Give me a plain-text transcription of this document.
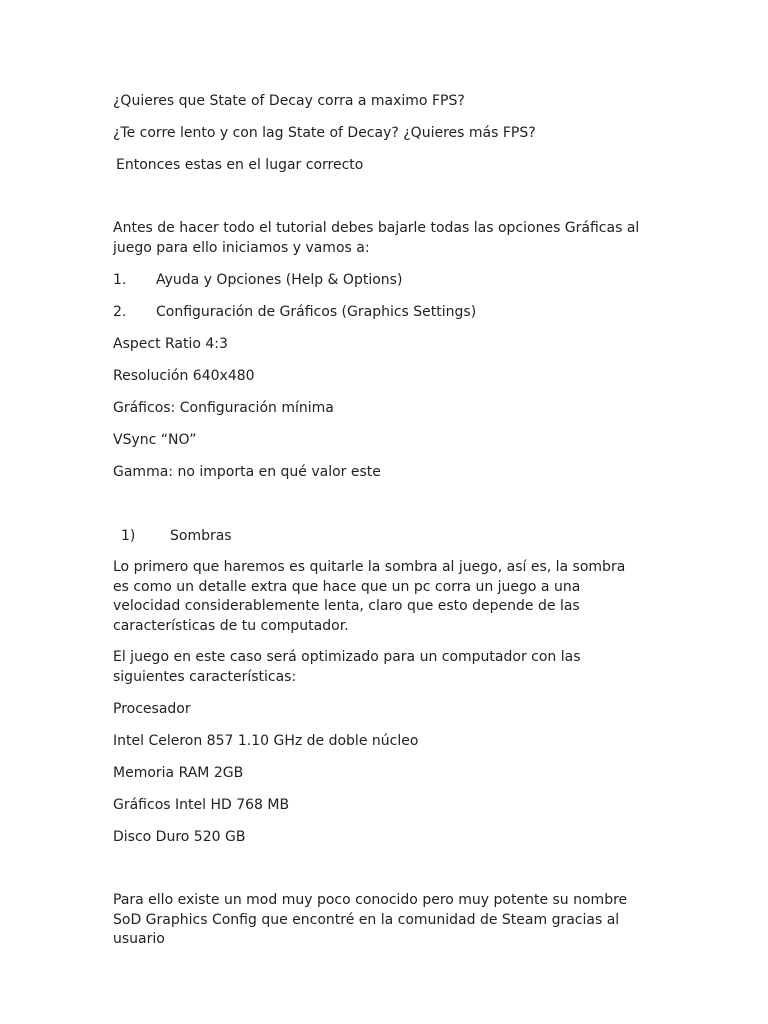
¿Quieres que State of Decay corra a maximo FPS?

¿Te corre lento y con lag State of Decay? ¿Quieres más FPS?

Entonces estas en el lugar correcto

Antes de hacer todo el tutorial debes bajarle todas las opciones Gráficas al juego para ello iniciamos y vamos a:

1. Ayuda y Opciones (Help & Options)

2. Configuración de Gráficos (Graphics Settings)

Aspect Ratio 4:3

Resolución 640x480

Gráficos: Configuración mínima

VSync “NO”

Gamma: no importa en qué valor este

1) Sombras

Lo primero que haremos es quitarle la sombra al juego, así es, la sombra es como un detalle extra que hace que un pc corra un juego a una velocidad considerablemente lenta, claro que esto depende de las características de tu computador.

El juego en este caso será optimizado para un computador con las siguientes características:

Procesador

Intel Celeron 857 1.10 GHz de doble núcleo

Memoria RAM 2GB

Gráficos Intel HD 768 MB

Disco Duro 520 GB

Para ello existe un mod muy poco conocido pero muy potente su nombre SoD Graphics Config que encontré en la comunidad de Steam gracias al usuario
